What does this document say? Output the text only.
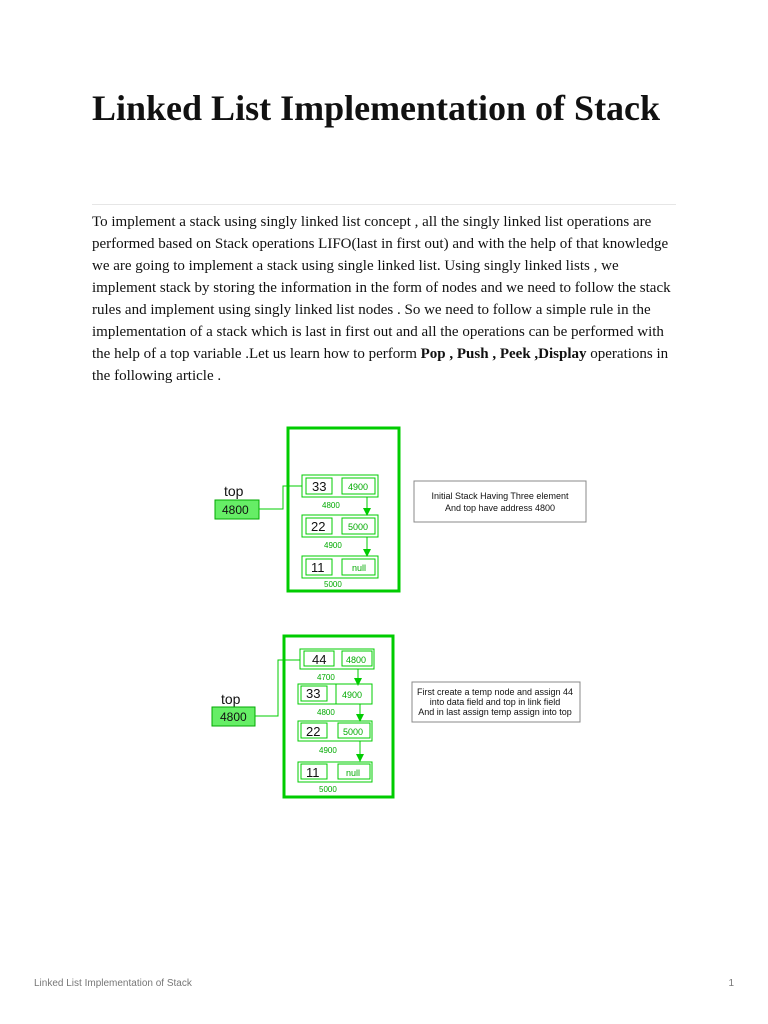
Linked List Implementation of Stack

To implement a stack using singly linked list concept , all the singly linked list operations are performed based on Stack operations LIFO(last in first out) and with the help of that knowledge we are going to implement a stack using single linked list. Using singly linked lists , we implement stack by storing the information in the form of nodes and we need to follow the stack rules and implement using singly linked list nodes . So we need to follow a simple rule in the implementation of a stack which is last in first out and all the operations can be performed with the help of a top variable .Let us learn how to perform Pop , Push , Peek ,Display operations in the following article .

top
4800
33 4900
4800
22	5000
4900
11	null
5000
Initial Stack Having Three element
And top have address 4800
top
4800
44 4800
4700
33 4900
4800
22	5000
4900
11	null
5000
First create a temp node and assign 44
into data field and top in link field
And in last assign temp assign into top
Linked List Implementation of Stack	1
